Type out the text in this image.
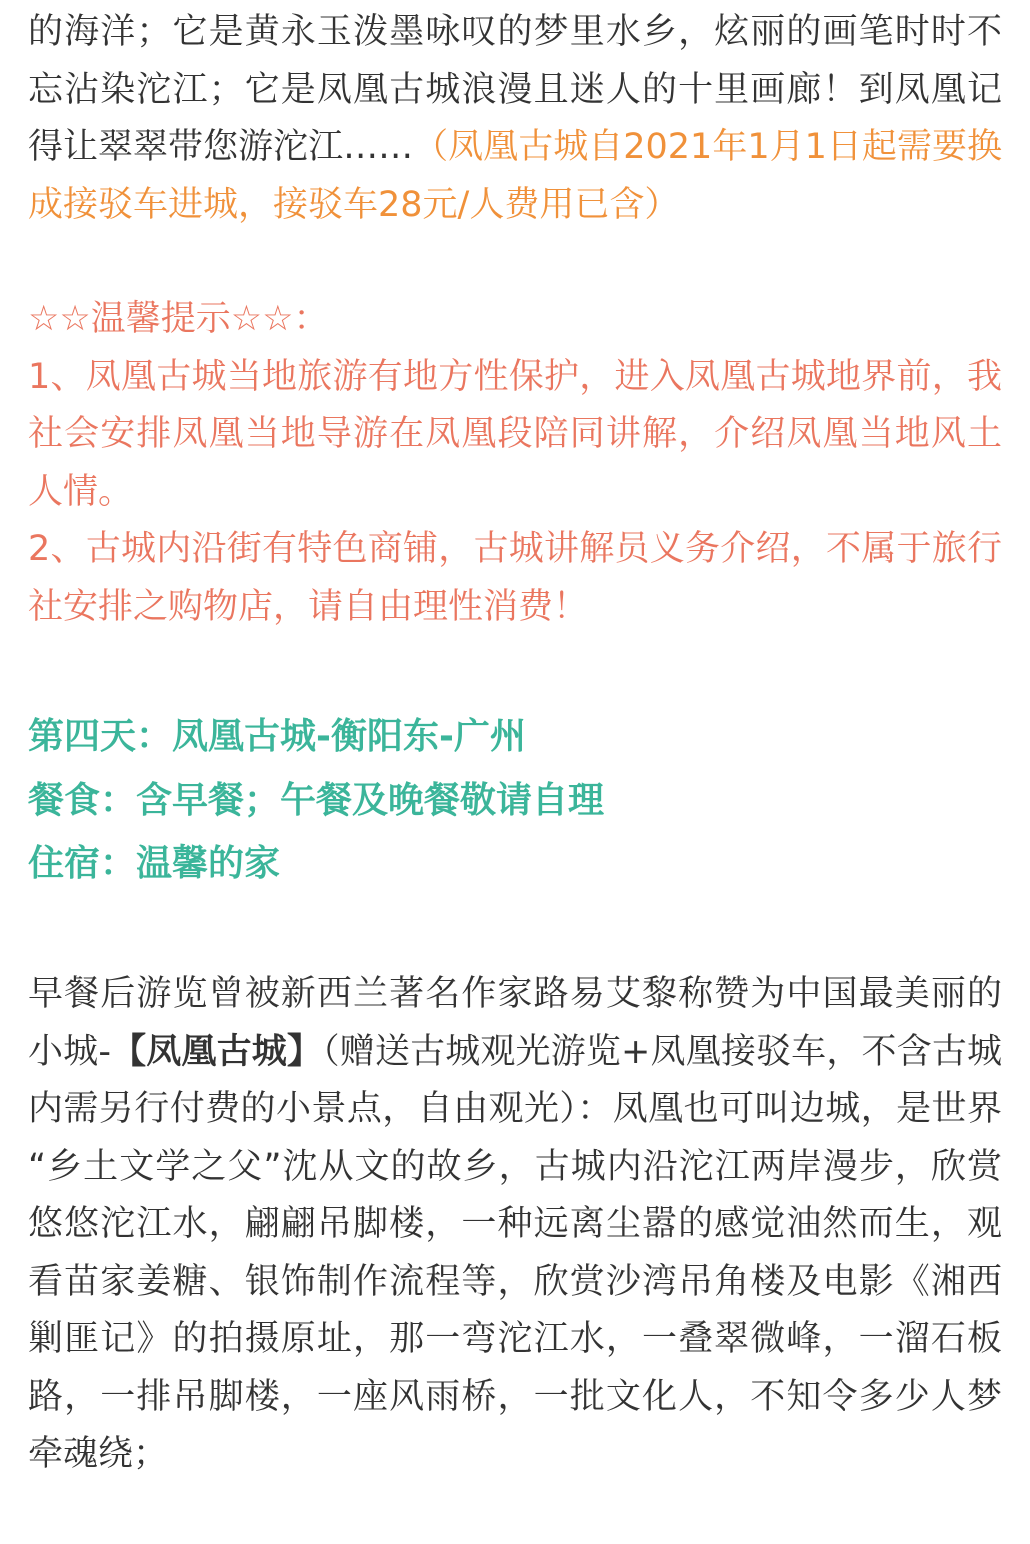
的海洋；它是黄永玉泼墨咏叹的梦里水乡，炫丽的画笔时时不忘沾染沱江；它是凤凰古城浪漫且迷人的十里画廊！到凤凰记得让翠翠带您游沱江……（凤凰古城自2021年1月1日起需要换成接驳车进城，接驳车28元/人费用已含）

☆☆温馨提示☆☆：

1、凤凰古城当地旅游有地方性保护，进入凤凰古城地界前，我社会安排凤凰当地导游在凤凰段陪同讲解，介绍凤凰当地风土人情。

2、古城内沿街有特色商铺，古城讲解员义务介绍，不属于旅行社安排之购物店，请自由理性消费！

第四天：凤凰古城-衡阳东-广州

餐食：含早餐；午餐及晚餐敬请自理

住宿：温馨的家

早餐后游览曾被新西兰著名作家路易艾黎称赞为中国最美丽的小城-【凤凰古城】（赠送古城观光游览+凤凰接驳车，不含古城内需另行付费的小景点，自由观光）：凤凰也可叫边城，是世界“乡土文学之父”沈从文的故乡，古城内沿沱江两岸漫步，欣赏悠悠沱江水，翩翩吊脚楼，一种远离尘嚣的感觉油然而生，观看苗家姜糖、银饰制作流程等，欣赏沙湾吊角楼及电影《湘西剿匪记》的拍摄原址，那一弯沱江水，一叠翠微峰，一溜石板路，一排吊脚楼，一座风雨桥，一批文化人，不知令多少人梦牵魂绕；
